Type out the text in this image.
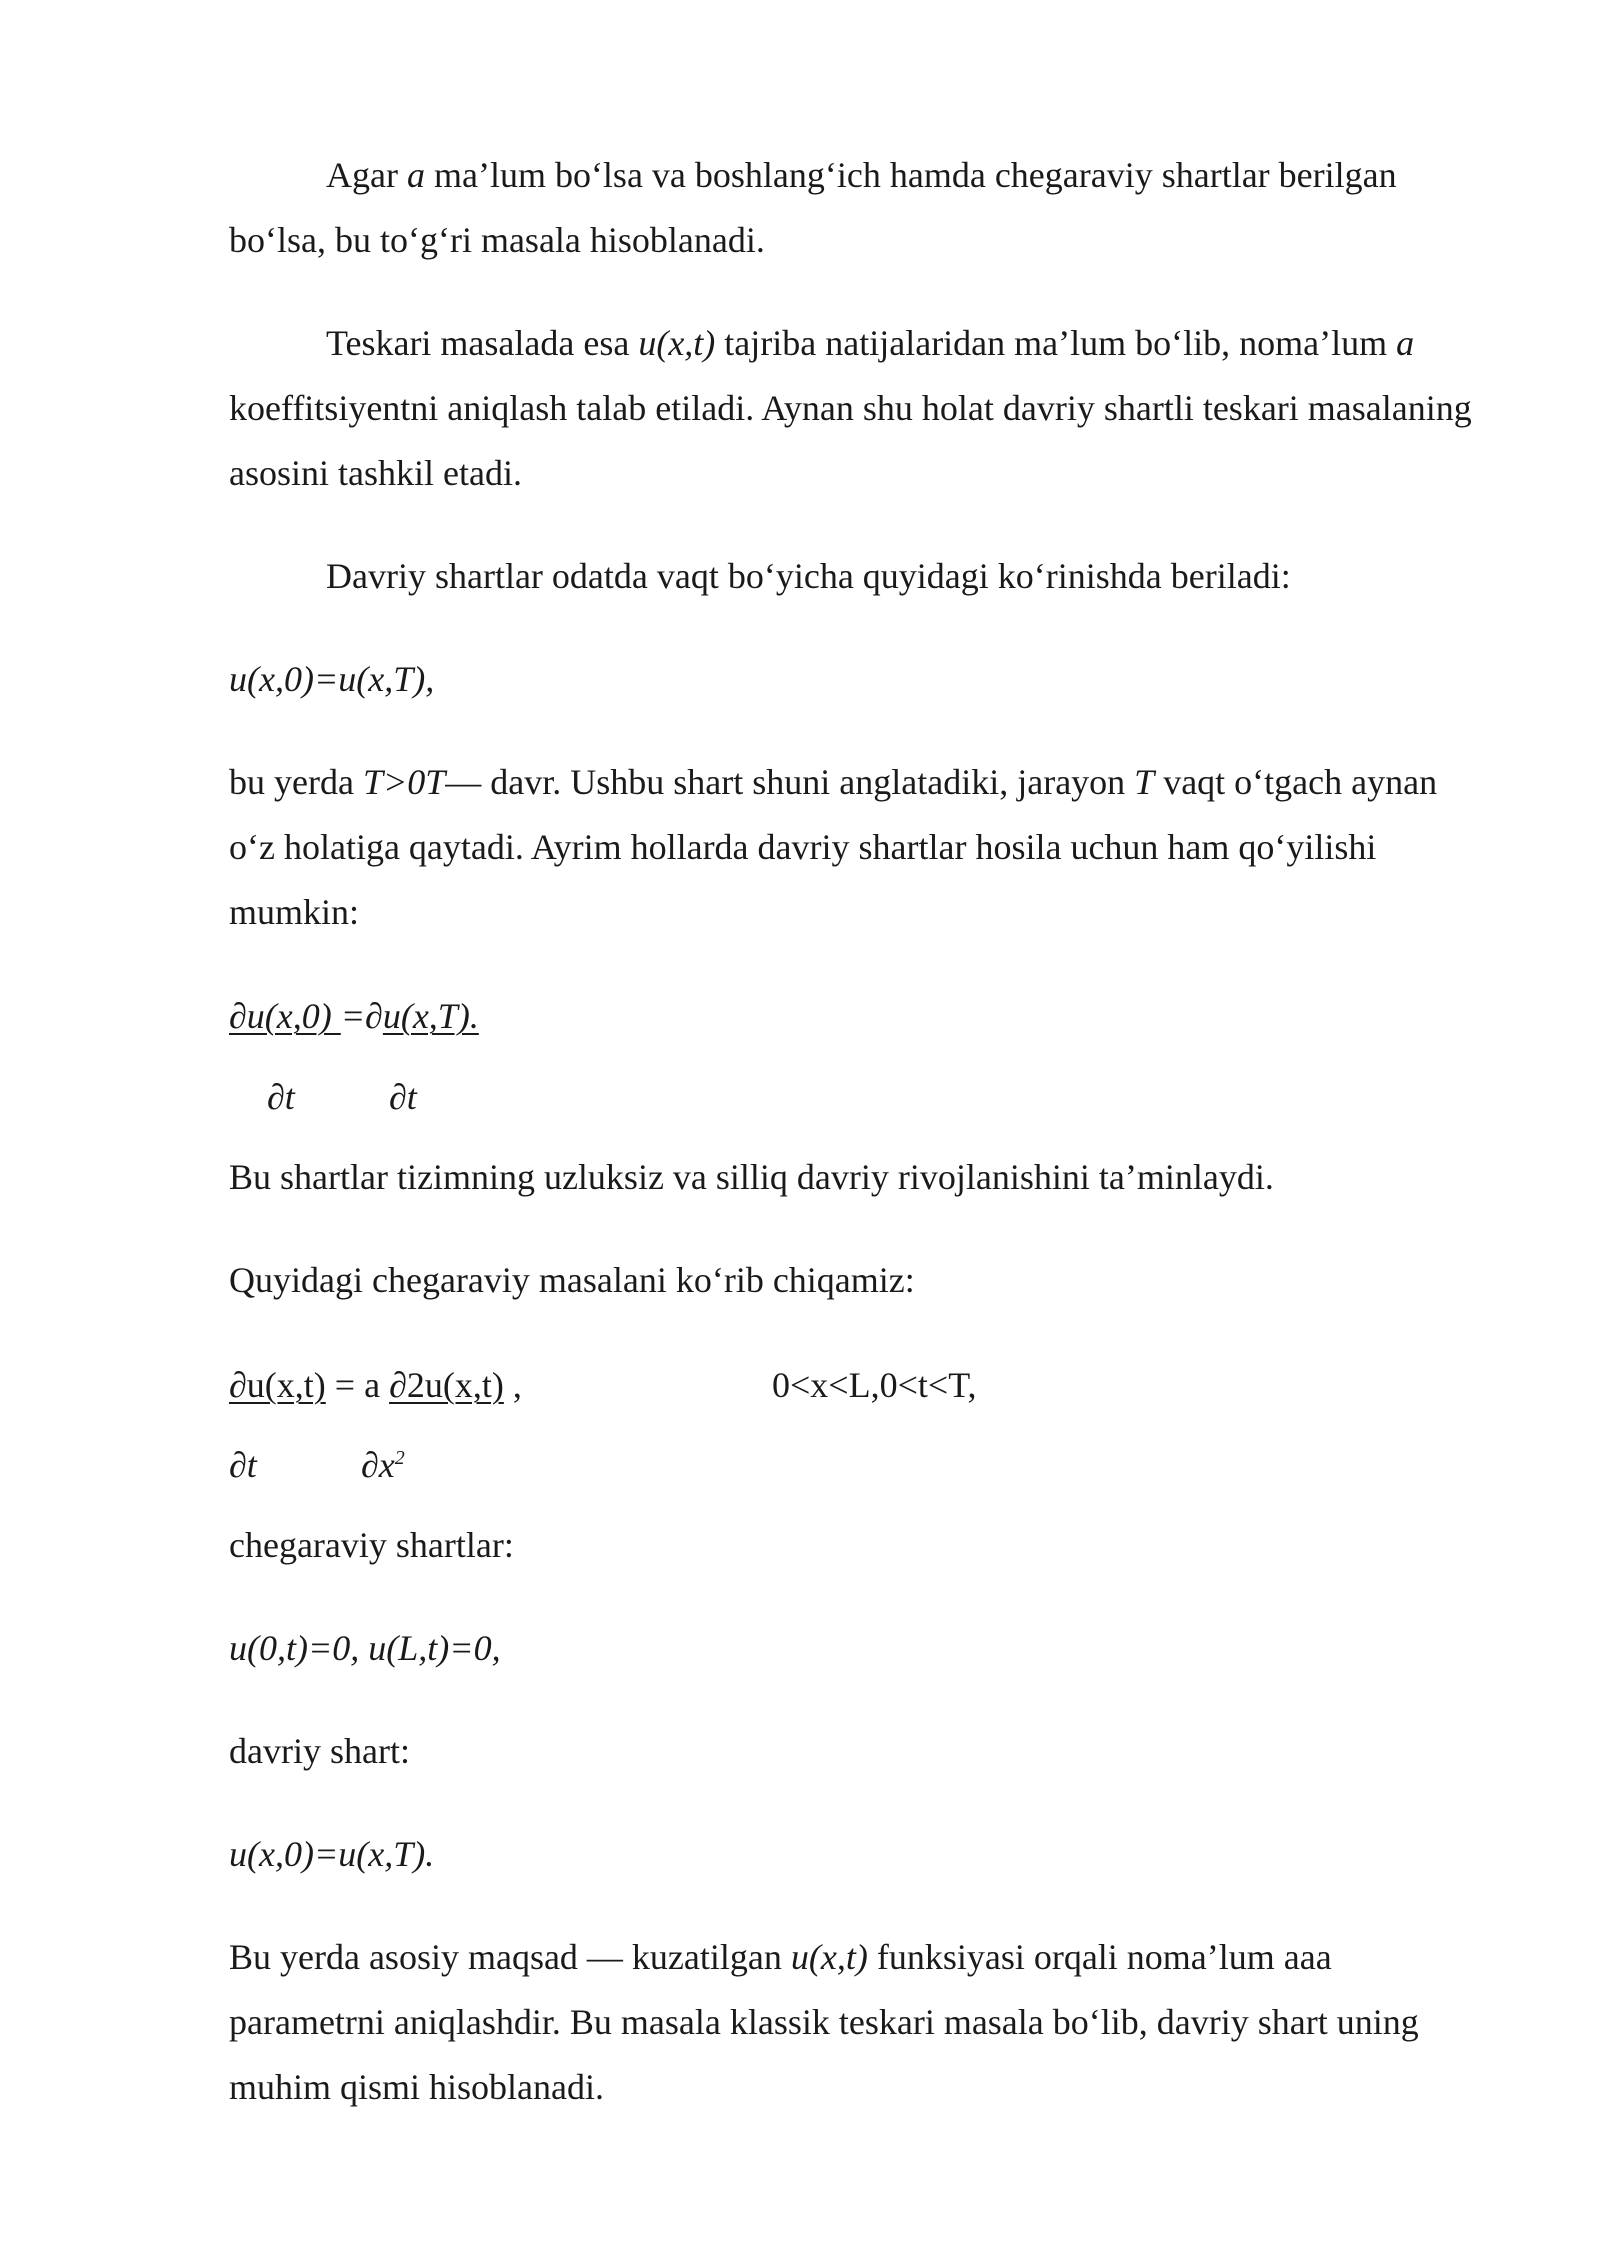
Agar a ma’lum bo‘lsa va boshlang‘ich hamda chegaraviy shartlar berilgan bo‘lsa, bu to‘g‘ri masala hisoblanadi.

Teskari masalada esa u(x,t) tajriba natijalaridan ma’lum bo‘lib, noma’lum a koeffitsiyentni aniqlash talab etiladi. Aynan shu holat davriy shartli teskari masalaning asosini tashkil etadi.

Davriy shartlar odatda vaqt bo‘yicha quyidagi ko‘rinishda beriladi:

u(x,0)=u(x,T),

bu yerda T>0T— davr. Ushbu shart shuni anglatadiki, jarayon T vaqt o‘tgach aynan o‘z holatiga qaytadi. Ayrim hollarda davriy shartlar hosila uchun ham qo‘yilishi mumkin:

∂u(x,0) =∂u(x,T).
∂t	∂t

Bu shartlar tizimning uzluksiz va silliq davriy rivojlanishini ta’minlaydi.

Quyidagi chegaraviy masalani ko‘rib chiqamiz:

∂u(x,t) = a ∂2u(x,t) ,	0<x<L,0<t<T,
∂t	$\partial x^2$

chegaraviy shartlar:

u(0,t)=0, u(L,t)=0,

davriy shart:

u(x,0)=u(x,T).

Bu yerda asosiy maqsad — kuzatilgan u(x,t) funksiyasi orqali noma’lum aaa parametrni aniqlashdir. Bu masala klassik teskari masala bo‘lib, davriy shart uning muhim qismi hisoblanadi.
